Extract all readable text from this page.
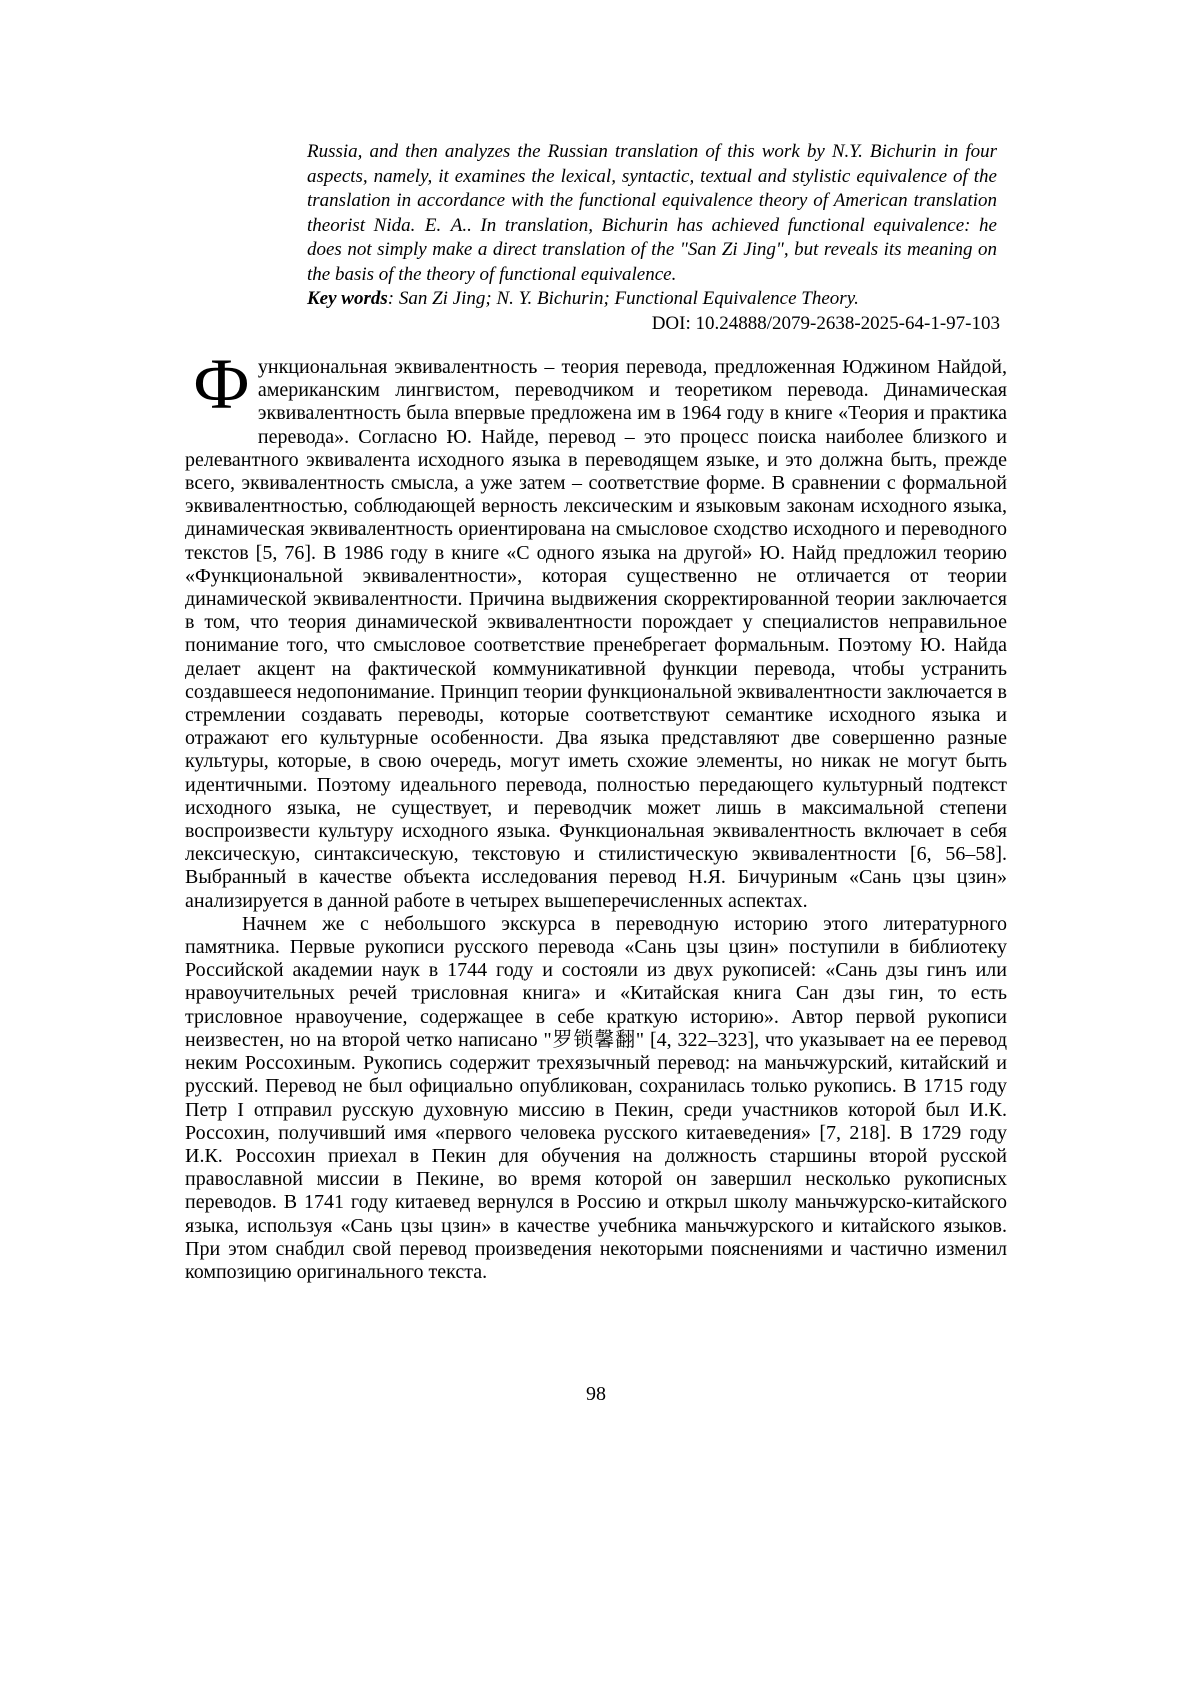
Russia, and then analyzes the Russian translation of this work by N.Y. Bichurin in four aspects, namely, it examines the lexical, syntactic, textual and stylistic equivalence of the translation in accordance with the functional equivalence theory of American translation theorist Nida. E. A.. In translation, Bichurin has achieved functional equivalence: he does not simply make a direct translation of the "San Zi Jing", but reveals its meaning on the basis of the theory of functional equivalence.

Key words: San Zi Jing; N. Y. Bichurin; Functional Equivalence Theory.

DOI: 10.24888/2079-2638-2025-64-1-97-103

Функциональная эквивалентность – теория перевода, предложенная Юджином Найдой, американским лингвистом, переводчиком и теоретиком перевода. Динамическая эквивалентность была впервые предложена им в 1964 году в книге «Теория и практика перевода». Согласно Ю. Найде, перевод – это процесс поиска наиболее близкого и релевантного эквивалента исходного языка в переводящем языке, и это должна быть, прежде всего, эквивалентность смысла, а уже затем – соответствие форме. В сравнении с формальной эквивалентностью, соблюдающей верность лексическим и языковым законам исходного языка, динамическая эквивалентность ориентирована на смысловое сходство исходного и переводного текстов [5, 76]. В 1986 году в книге «С одного языка на другой» Ю. Найд предложил теорию «Функциональной эквивалентности», которая существенно не отличается от теории динамической эквивалентности. Причина выдвижения скорректированной теории заключается в том, что теория динамической эквивалентности порождает у специалистов неправильное понимание того, что смысловое соответствие пренебрегает формальным. Поэтому Ю. Найда делает акцент на фактической коммуникативной функции перевода, чтобы устранить создавшееся недопонимание. Принцип теории функциональной эквивалентности заключается в стремлении создавать переводы, которые соответствуют семантике исходного языка и отражают его культурные особенности. Два языка представляют две совершенно разные культуры, которые, в свою очередь, могут иметь схожие элементы, но никак не могут быть идентичными. Поэтому идеального перевода, полностью передающего культурный подтекст исходного языка, не существует, и переводчик может лишь в максимальной степени воспроизвести культуру исходного языка. Функциональная эквивалентность включает в себя лексическую, синтаксическую, текстовую и стилистическую эквивалентности [6, 56–58]. Выбранный в качестве объекта исследования перевод Н.Я. Бичуриным «Сань цзы цзин» анализируется в данной работе в четырех вышеперечисленных аспектах.

Начнем же с небольшого экскурса в переводную историю этого литературного памятника. Первые рукописи русского перевода «Сань цзы цзин» поступили в библиотеку Российской академии наук в 1744 году и состояли из двух рукописей: «Сань дзы гинъ или нравоучительных речей трисловная книга» и «Китайская книга Сан дзы гин, то есть трисловное нравоучение, содержащее в себе краткую историю». Автор первой рукописи неизвестен, но на второй четко написано "罗锁馨翻" [4, 322–323], что указывает на ее перевод неким Россохиным. Рукопись содержит трехязычный перевод: на маньчжурский, китайский и русский. Перевод не был официально опубликован, сохранилась только рукопись. В 1715 году Петр I отправил русскую духовную миссию в Пекин, среди участников которой был И.К. Россохин, получивший имя «первого человека русского китаеведения» [7, 218]. В 1729 году И.К. Россохин приехал в Пекин для обучения на должность старшины второй русской православной миссии в Пекине, во время которой он завершил несколько рукописных переводов. В 1741 году китаевед вернулся в Россию и открыл школу маньчжурско-китайского языка, используя «Сань цзы цзин» в качестве учебника маньчжурского и китайского языков. При этом снабдил свой перевод произведения некоторыми пояснениями и частично изменил композицию оригинального текста.

98
